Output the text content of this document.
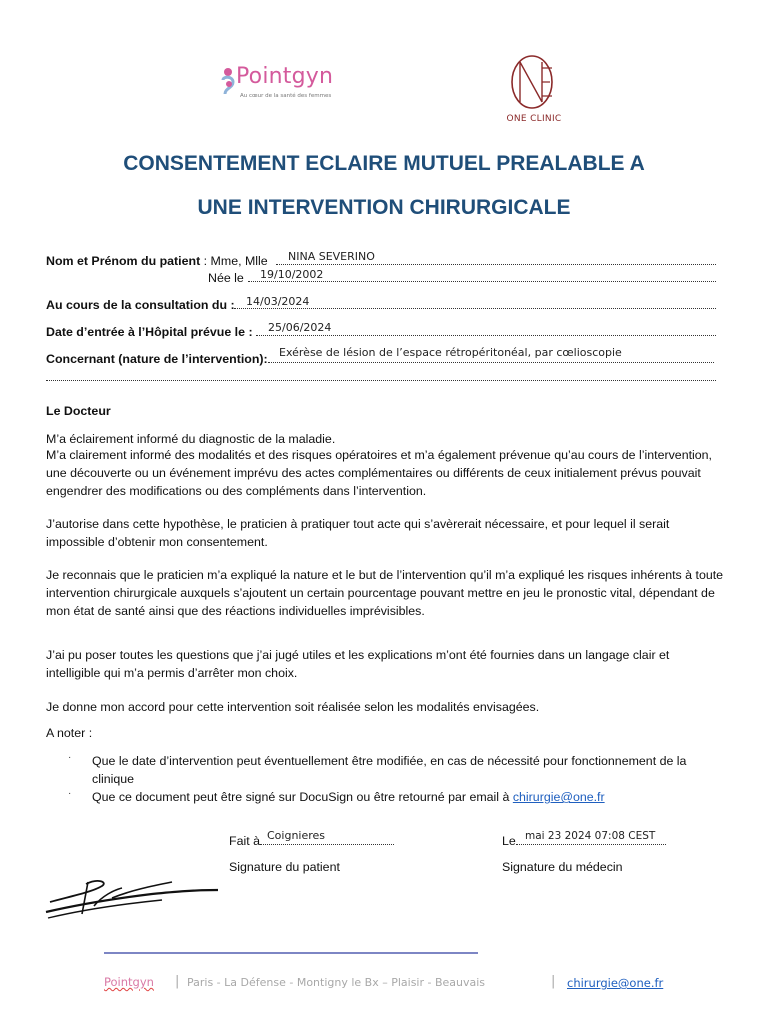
Pointgyn
Au cœur de la santé des femmes
ONE CLINIC
CONSENTEMENT ECLAIRE MUTUEL PREALABLE A
UNE INTERVENTION CHIRURGICALE
Nom et Prénom du patient : Mme, Mlle NINA SEVERINO
Née le 19/10/2002
Au cours de la consultation du : 14/03/2024
Date d’entrée à l’Hôpital prévue le : 25/06/2024
Concernant (nature de l’intervention): Exérèse de lésion de l’espace rétropéritonéal, par cœlioscopie
Le Docteur
M’a éclairement informé du diagnostic de la maladie.
M’a clairement informé des modalités et des risques opératoires et m’a également prévenue qu’au cours de l’intervention, une découverte ou un événement imprévu des actes complémentaires ou différents de ceux initialement prévus pouvait engendrer des modifications ou des compléments dans l’intervention.
J’autorise dans cette hypothèse, le praticien à pratiquer tout acte qui s’avèrerait nécessaire, et pour lequel il serait impossible d’obtenir mon consentement.
Je reconnais que le praticien m’a expliqué la nature et le but de l’intervention qu’il m’a expliqué les risques inhérents à toute intervention chirurgicale auxquels s’ajoutent un certain pourcentage pouvant mettre en jeu le pronostic vital, dépendant de mon état de santé ainsi que des réactions individuelles imprévisibles.
J’ai pu poser toutes les questions que j’ai jugé utiles et les explications m’ont été fournies dans un langage clair et intelligible qui m’a permis d’arrêter mon choix.
Je donne mon accord pour cette intervention soit réalisée selon les modalités envisagées.
A noter :
· Que le date d’intervention peut éventuellement être modifiée, en cas de nécessité pour fonctionnement de la clinique
· Que ce document peut être signé sur DocuSign ou être retourné par email à chirurgie@one.fr
Fait à Coignieres	Le mai 23 2024 07:08 CEST
Signature du patient	Signature du médecin
Pointgyn | Paris - La Défense - Montigny le Bx – Plaisir - Beauvais	| chirurgie@one.fr
